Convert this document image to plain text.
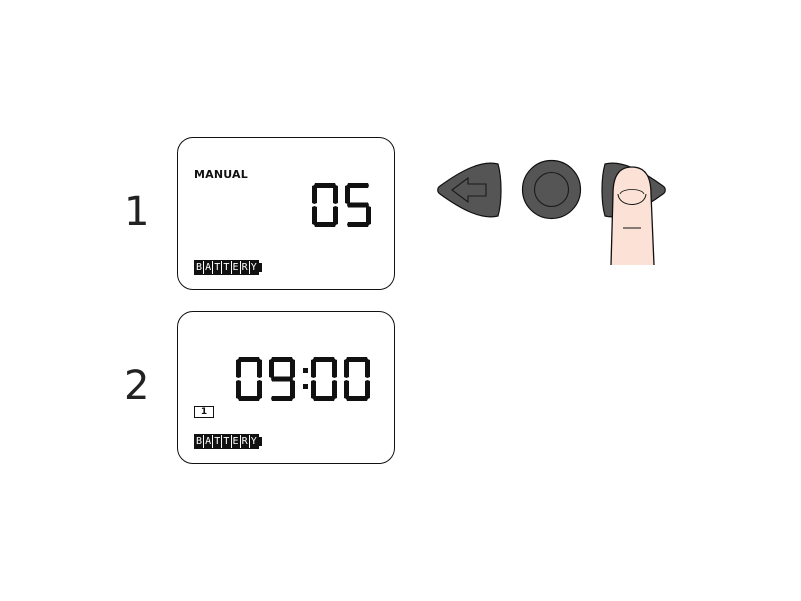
1
MANUAL
B A T T E R Y
2
1
B A T T E R Y
